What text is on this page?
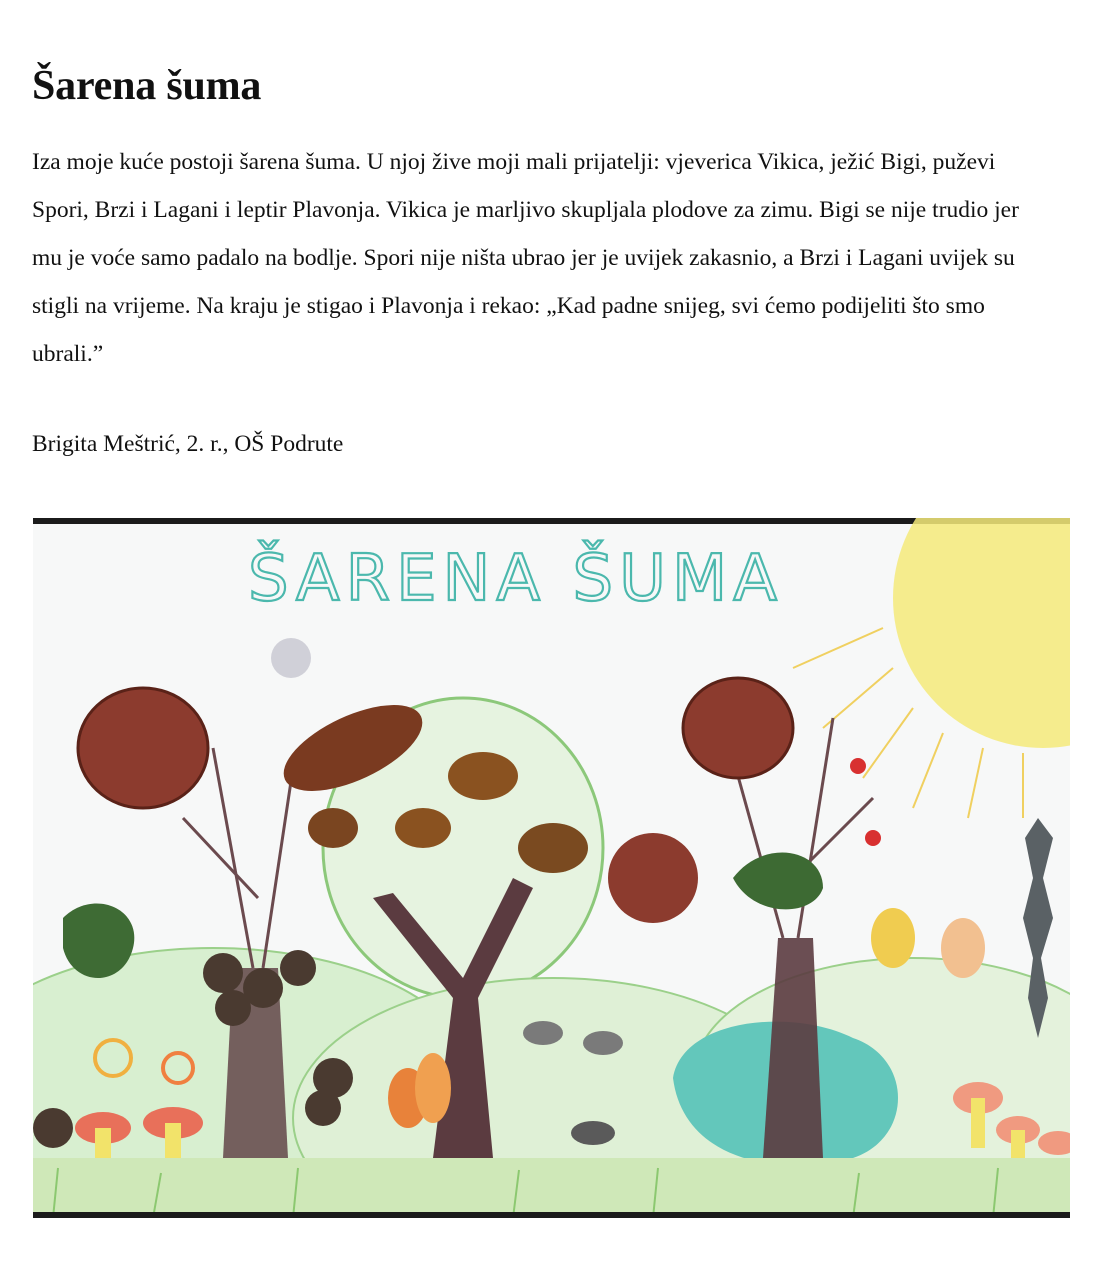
Šarena šuma

Iza moje kuće postoji šarena šuma. U njoj žive moji mali prijatelji: vjeverica Vikica, ježić Bigi, puževi Spori, Brzi i Lagani i leptir Plavonja. Vikica je marljivo skupljala plodove za zimu. Bigi se nije trudio jer mu je voće samo padalo na bodlje. Spori nije ništa ubrao jer je uvijek zakasnio, a Brzi i Lagani uvijek su stigli na vrijeme. Na kraju je stigao i Plavonja i rekao: „Kad padne snijeg, svi ćemo podijeliti što smo ubrali.”

Brigita Meštrić, 2. r., OŠ Podrute

ŠARENA ŠUMA
